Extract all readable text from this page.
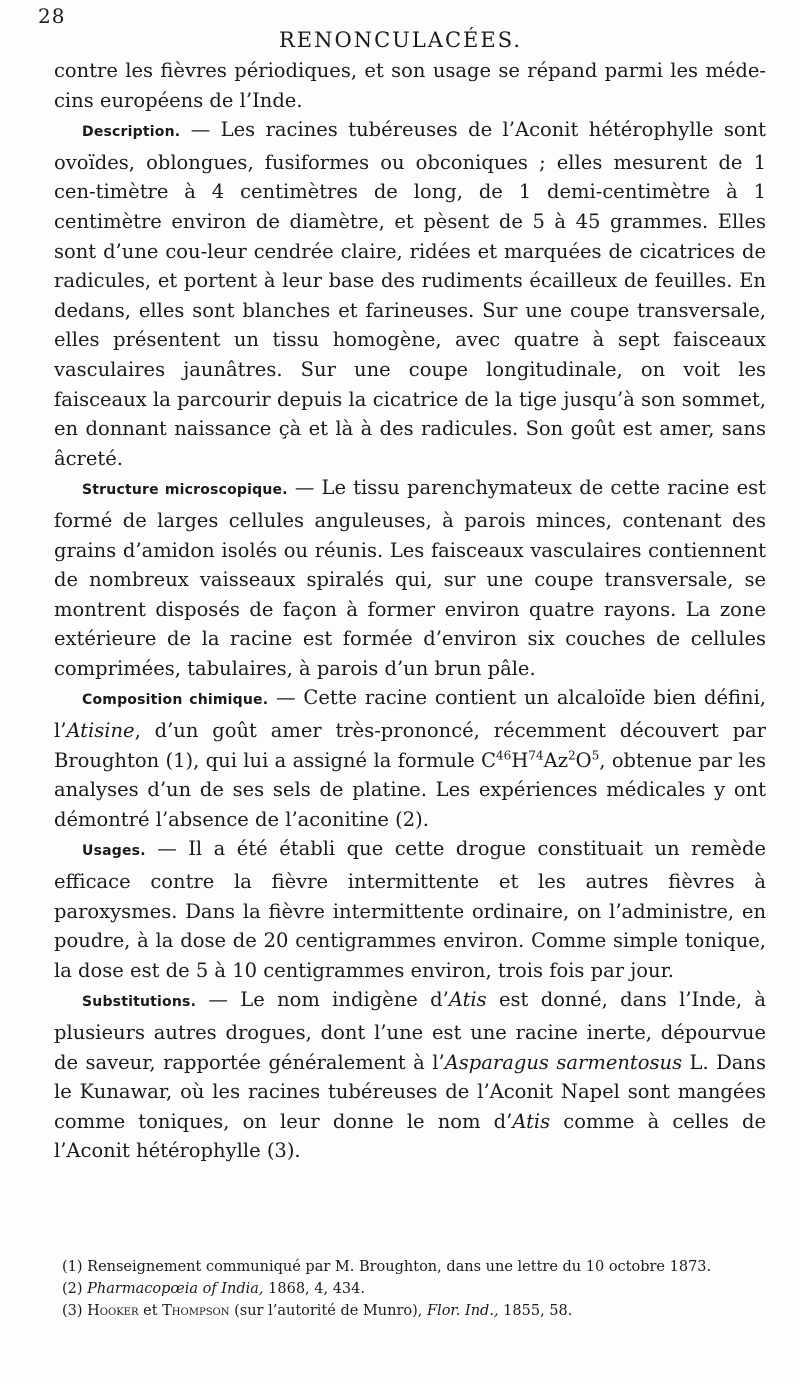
28
RENONCULACÉES.

contre les fièvres périodiques, et son usage se répand parmi les méde-cins européens de l’Inde.

Description. — Les racines tubéreuses de l’Aconit hétérophylle sont ovoïdes, oblongues, fusiformes ou obconiques ; elles mesurent de 1 cen-timètre à 4 centimètres de long, de 1 demi-centimètre à 1 centimètre environ de diamètre, et pèsent de 5 à 45 grammes. Elles sont d’une cou-leur cendrée claire, ridées et marquées de cicatrices de radicules, et portent à leur base des rudiments écailleux de feuilles. En dedans, elles sont blanches et farineuses. Sur une coupe transversale, elles présentent un tissu homogène, avec quatre à sept faisceaux vasculaires jaunâtres. Sur une coupe longitudinale, on voit les faisceaux la parcourir depuis la cicatrice de la tige jusqu’à son sommet, en donnant naissance çà et là à des radicules. Son goût est amer, sans âcreté.

Structure microscopique. — Le tissu parenchymateux de cette racine est formé de larges cellules anguleuses, à parois minces, contenant des grains d’amidon isolés ou réunis. Les faisceaux vasculaires contiennent de nombreux vaisseaux spiralés qui, sur une coupe transversale, se montrent disposés de façon à former environ quatre rayons. La zone extérieure de la racine est formée d’environ six couches de cellules comprimées, tabulaires, à parois d’un brun pâle.

Composition chimique. — Cette racine contient un alcaloïde bien défini, l’Atisine, d’un goût amer très-prononcé, récemment découvert par Broughton (1), qui lui a assigné la formule $C^{46}H^{74}Az^2O^5$, obtenue par les analyses d’un de ses sels de platine. Les expériences médicales y ont démontré l’absence de l’aconitine (2).

Usages. — Il a été établi que cette drogue constituait un remède efficace contre la fièvre intermittente et les autres fièvres à paroxysmes. Dans la fièvre intermittente ordinaire, on l’administre, en poudre, à la dose de 20 centigrammes environ. Comme simple tonique, la dose est de 5 à 10 centigrammes environ, trois fois par jour.

Substitutions. — Le nom indigène d’Atis est donné, dans l’Inde, à plusieurs autres drogues, dont l’une est une racine inerte, dépourvue de saveur, rapportée généralement à l’Asparagus sarmentosus L. Dans le Kunawar, où les racines tubéreuses de l’Aconit Napel sont mangées comme toniques, on leur donne le nom d’Atis comme à celles de l’Aconit hétérophylle (3).

(1) Renseignement communiqué par M. Broughton, dans une lettre du 10 octobre 1873.

(2) Pharmacopœia of India, 1868, 4, 434.

(3) Hooker et Thompson (sur l’autorité de Munro), Flor. Ind., 1855, 58.
